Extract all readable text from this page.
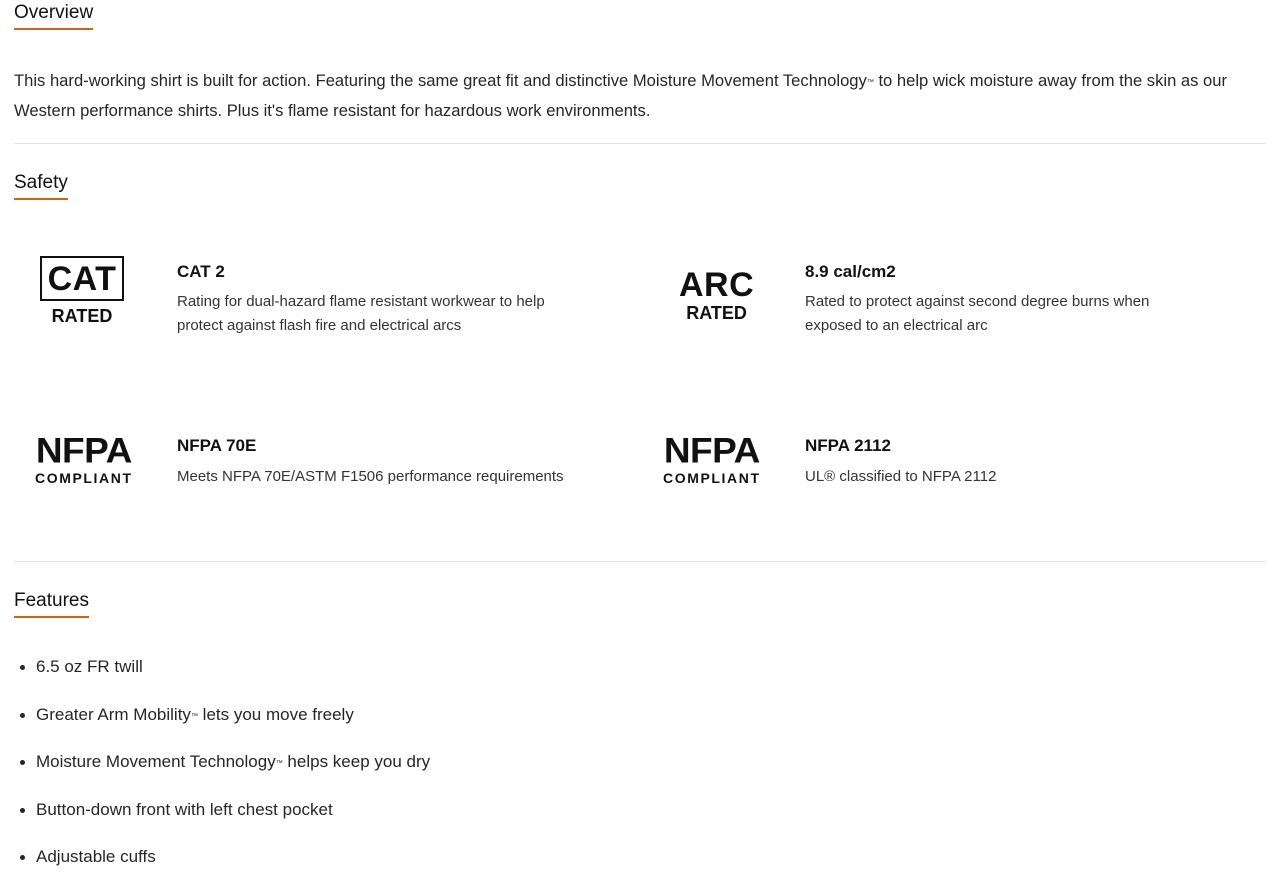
Overview

This hard-working shirt is built for action. Featuring the same great fit and distinctive Moisture Movement Technology™ to help wick moisture away from the skin as our Western performance shirts. Plus it's flame resistant for hazardous work environments.

Safety
CAT
RATED
CAT 2

Rating for dual-hazard flame resistant workwear to help protect against flash fire and electrical arcs

ARC
RATED
8.9 cal/cm2

Rated to protect against second degree burns when exposed to an electrical arc

NFPA
COMPLIANT
NFPA 70E

Meets NFPA 70E/ASTM F1506 performance requirements

NFPA
COMPLIANT
NFPA 2112

UL® classified to NFPA 2112

Features
6.5 oz FR twill
Greater Arm Mobility™ lets you move freely
Moisture Movement Technology™ helps keep you dry
Button-down front with left chest pocket
Adjustable cuffs
